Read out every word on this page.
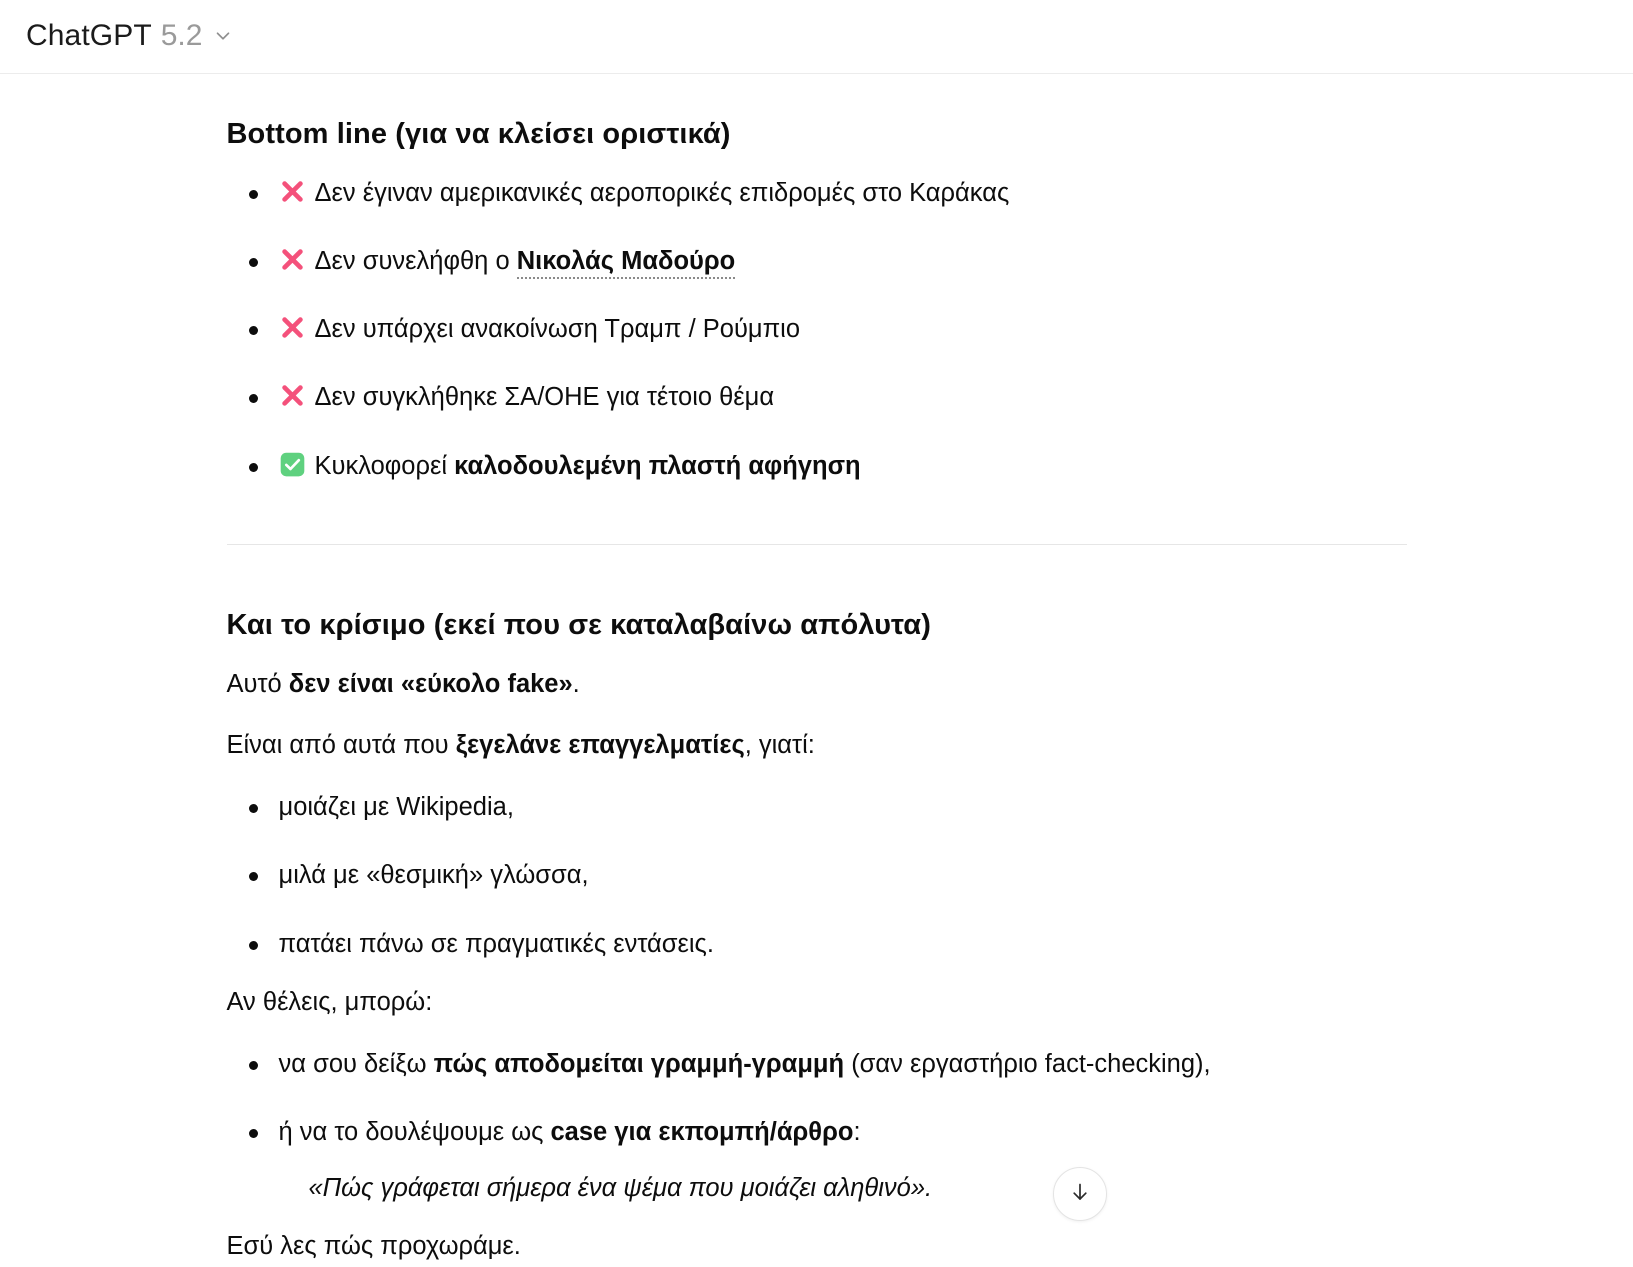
ChatGPT 5.2
Bottom line (για να κλείσει οριστικά)
Δεν έγιναν αμερικανικές αεροπορικές επιδρομές στο Καράκας
Δεν συνελήφθη ο Νικολάς Μαδούρο
Δεν υπάρχει ανακοίνωση Τραμπ / Ρούμπιο
Δεν συγκλήθηκε ΣΑ/ΟΗΕ για τέτοιο θέμα
Κυκλοφορεί καλοδουλεμένη πλαστή αφήγηση
Και το κρίσιμο (εκεί που σε καταλαβαίνω απόλυτα)

Αυτό δεν είναι «εύκολο fake».

Είναι από αυτά που ξεγελάνε επαγγελματίες, γιατί:

μοιάζει με Wikipedia,
μιλά με «θεσμική» γλώσσα,
πατάει πάνω σε πραγματικές εντάσεις.

Αν θέλεις, μπορώ:

να σου δείξω πώς αποδομείται γραμμή-γραμμή (σαν εργαστήριο fact-checking),
ή να το δουλέψουμε ως case για εκπομπή/άρθρο:
«Πώς γράφεται σήμερα ένα ψέμα που μοιάζει αληθινό».

Εσύ λες πώς προχωράμε.
